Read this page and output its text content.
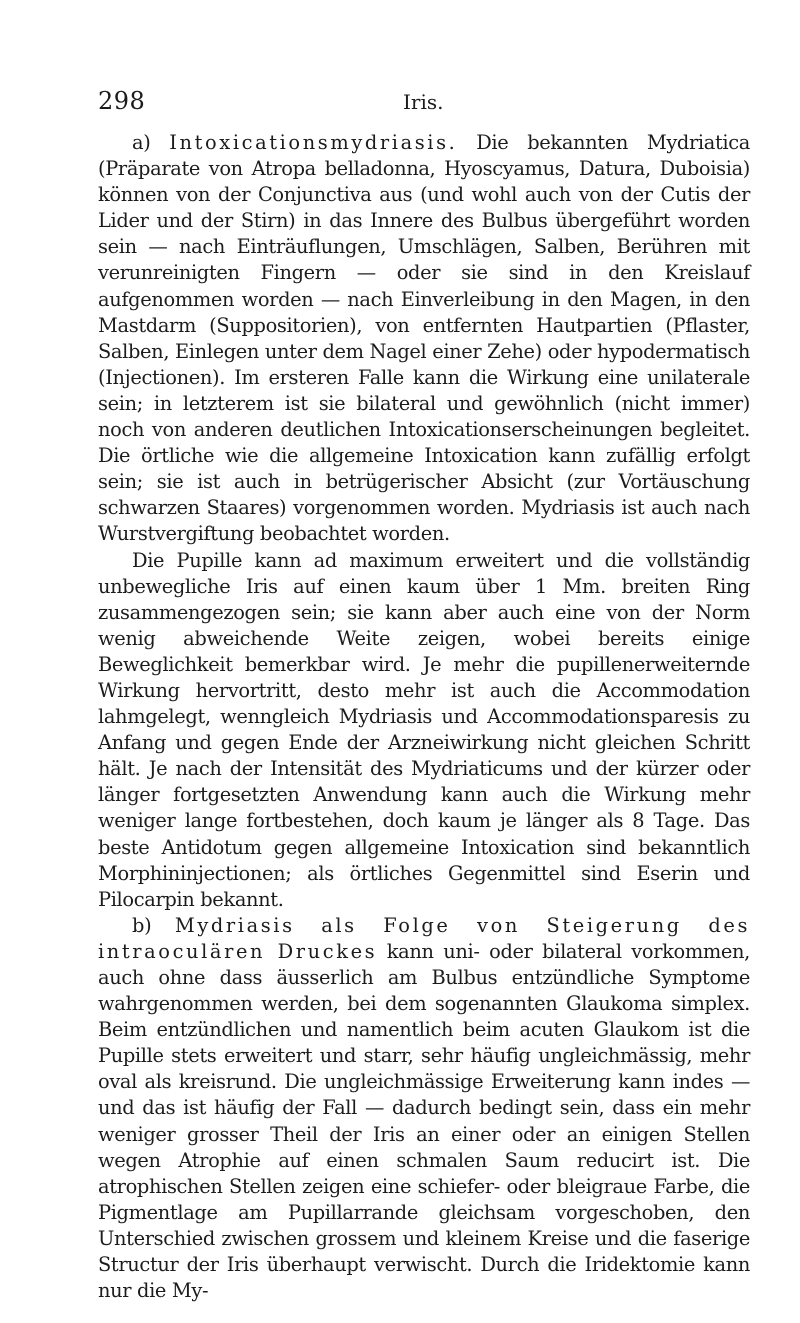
298	Iris.

a) Intoxicationsmydriasis. Die bekannten Mydriatica (Präparate von Atropa belladonna, Hyoscyamus, Datura, Duboisia) können von der Conjunctiva aus (und wohl auch von der Cutis der Lider und der Stirn) in das Innere des Bulbus übergeführt worden sein — nach Einträuflungen, Umschlägen, Salben, Berühren mit verunreinigten Fingern — oder sie sind in den Kreislauf aufgenommen worden — nach Einverleibung in den Magen, in den Mastdarm (Suppositorien), von entfernten Hautpartien (Pflaster, Salben, Einlegen unter dem Nagel einer Zehe) oder hypodermatisch (Injectionen). Im ersteren Falle kann die Wirkung eine unilaterale sein; in letzterem ist sie bilateral und gewöhnlich (nicht immer) noch von anderen deutlichen Intoxicationserscheinungen begleitet. Die örtliche wie die allgemeine Intoxication kann zufällig erfolgt sein; sie ist auch in betrügerischer Absicht (zur Vortäuschung schwarzen Staares) vorgenommen worden. Mydriasis ist auch nach Wurstvergiftung beobachtet worden.

Die Pupille kann ad maximum erweitert und die vollständig unbewegliche Iris auf einen kaum über 1 Mm. breiten Ring zusammengezogen sein; sie kann aber auch eine von der Norm wenig abweichende Weite zeigen, wobei bereits einige Beweglichkeit bemerkbar wird. Je mehr die pupillenerweiternde Wirkung hervortritt, desto mehr ist auch die Accommodation lahmgelegt, wenngleich Mydriasis und Accommodationsparesis zu Anfang und gegen Ende der Arzneiwirkung nicht gleichen Schritt hält. Je nach der Intensität des Mydriaticums und der kürzer oder länger fortgesetzten Anwendung kann auch die Wirkung mehr weniger lange fortbestehen, doch kaum je länger als 8 Tage. Das beste Antidotum gegen allgemeine Intoxication sind bekanntlich Morphininjectionen; als örtliches Gegenmittel sind Eserin und Pilocarpin bekannt.

b) Mydriasis als Folge von Steigerung des intraoculären Druckes kann uni- oder bilateral vorkommen, auch ohne dass äusserlich am Bulbus entzündliche Symptome wahrgenommen werden, bei dem sogenannten Glaukoma simplex. Beim entzündlichen und namentlich beim acuten Glaukom ist die Pupille stets erweitert und starr, sehr häufig ungleichmässig, mehr oval als kreisrund. Die ungleichmässige Erweiterung kann indes — und das ist häufig der Fall — dadurch bedingt sein, dass ein mehr weniger grosser Theil der Iris an einer oder an einigen Stellen wegen Atrophie auf einen schmalen Saum reducirt ist. Die atrophischen Stellen zeigen eine schiefer- oder bleigraue Farbe, die Pigmentlage am Pupillarrande gleichsam vorgeschoben, den Unterschied zwischen grossem und kleinem Kreise und die faserige Structur der Iris überhaupt verwischt. Durch die Iridektomie kann nur die My-
